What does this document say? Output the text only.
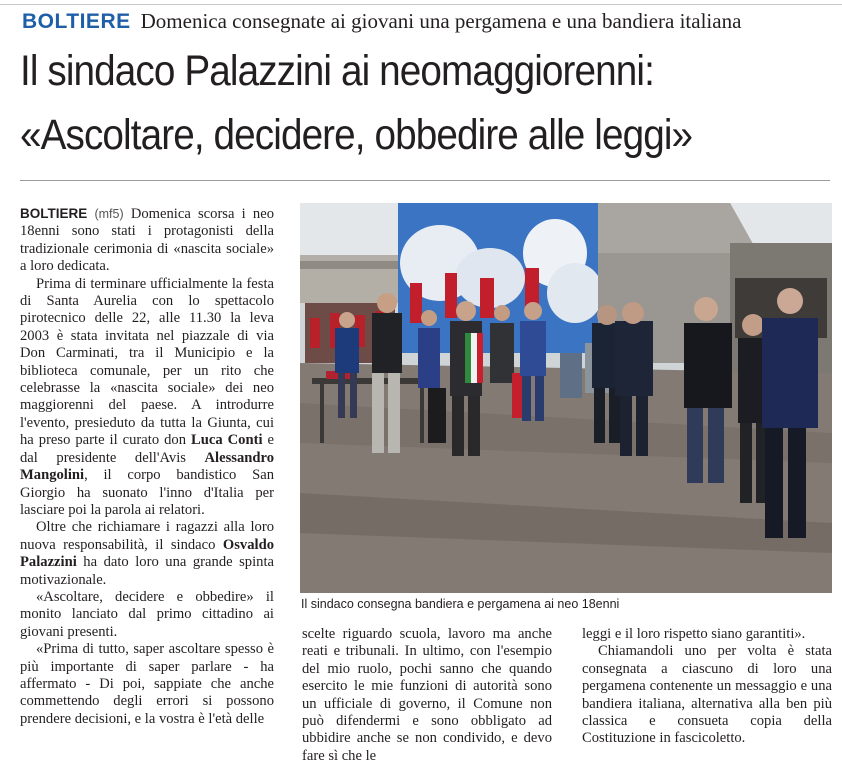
BOLTIERE Domenica consegnate ai giovani una pergamena e una bandiera italiana
Il sindaco Palazzini ai neomaggiorenni:
«Ascoltare, decidere, obbedire alle leggi»

BOLTIERE (mf5) Domenica scorsa i neo 18enni sono stati i protagonisti della tradizionale cerimonia di «nascita sociale» a loro dedicata.

Prima di terminare ufficialmente la festa di Santa Aurelia con lo spettacolo pirotecnico delle 22, alle 11.30 la leva 2003 è stata invitata nel piazzale di via Don Carminati, tra il Municipio e la biblioteca comunale, per un rito che celebrasse la «nascita sociale» dei neo maggiorenni del paese. A introdurre l'evento, presieduto da tutta la Giunta, cui ha preso parte il curato don Luca Conti e dal presidente dell'Avis Alessandro Mangolini, il corpo bandistico San Giorgio ha suonato l'inno d'Italia per lasciare poi la parola ai relatori.

Oltre che richiamare i ragazzi alla loro nuova responsabilità, il sindaco Osvaldo Palazzini ha dato loro una grande spinta motivazionale.

«Ascoltare, decidere e obbedire» il monito lanciato dal primo cittadino ai giovani presenti.

«Prima di tutto, saper ascoltare spesso è più importante di saper parlare - ha affermato - Di poi, sappiate che anche commettendo degli errori si possono prendere decisioni, e la vostra è l'età delle

Il sindaco consegna bandiera e pergamena ai neo 18enni

scelte riguardo scuola, lavoro ma anche reati e tribunali. In ultimo, con l'esempio del mio ruolo, pochi sanno che quando esercito le mie funzioni di autorità sono un ufficiale di governo, il Comune non può difendermi e sono obbligato ad ubbidire anche se non condivido, e devo fare sì che le

leggi e il loro rispetto siano garantiti».

Chiamandoli uno per volta è stata consegnata a ciascuno di loro una pergamena contenente un messaggio e una bandiera italiana, alternativa alla ben più classica e consueta copia della Costituzione in fascicoletto.
